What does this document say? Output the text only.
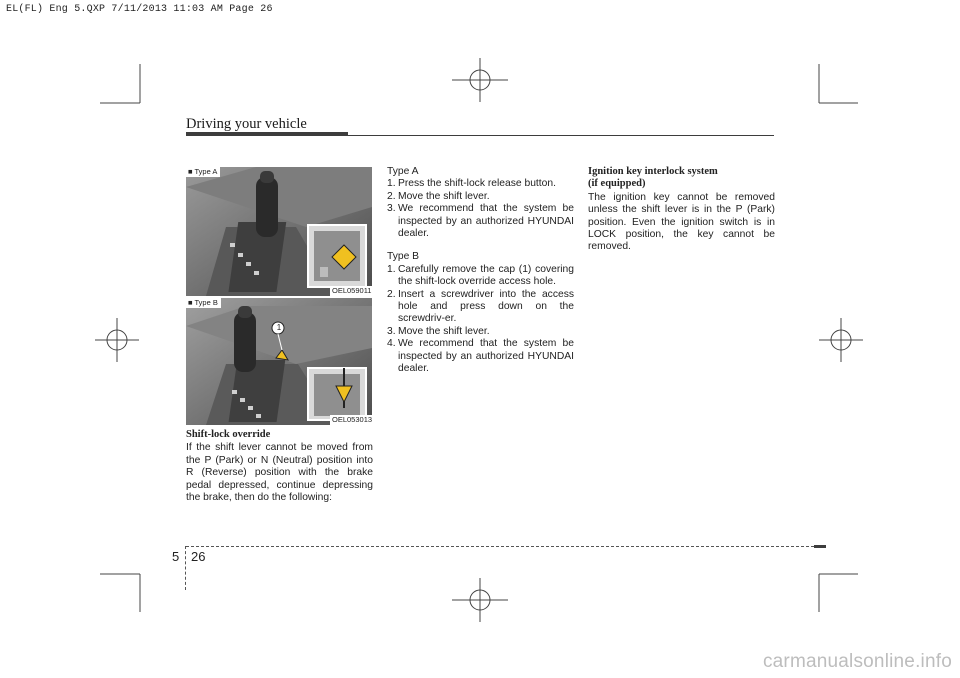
EL(FL) Eng 5.QXP 7/11/2013 11:03 AM Page 26
Driving your vehicle
■ Type A
OEL059011
■ Type B
1
OEL053013

Shift-lock override

If the shift lever cannot be moved from the P (Park) or N (Neutral) position into R (Reverse) position with the brake pedal depressed, continue depressing the brake, then do the following:

Type A

1. Press the shift-lock release button.
2. Move the shift lever.
3. We recommend that the system be inspected by an authorized HYUNDAI dealer.

Type B

1. Carefully remove the cap (1) covering the shift-lock override access hole.
2. Insert a screwdriver into the access hole and press down on the screwdriv-er.
3. Move the shift lever.
4. We recommend that the system be inspected by an authorized HYUNDAI dealer.

Ignition key interlock system

(if equipped)

The ignition key cannot be removed unless the shift lever is in the P (Park) position. Even the ignition switch is in LOCK position, the key cannot be removed.

5 26
carmanualsonline.info
